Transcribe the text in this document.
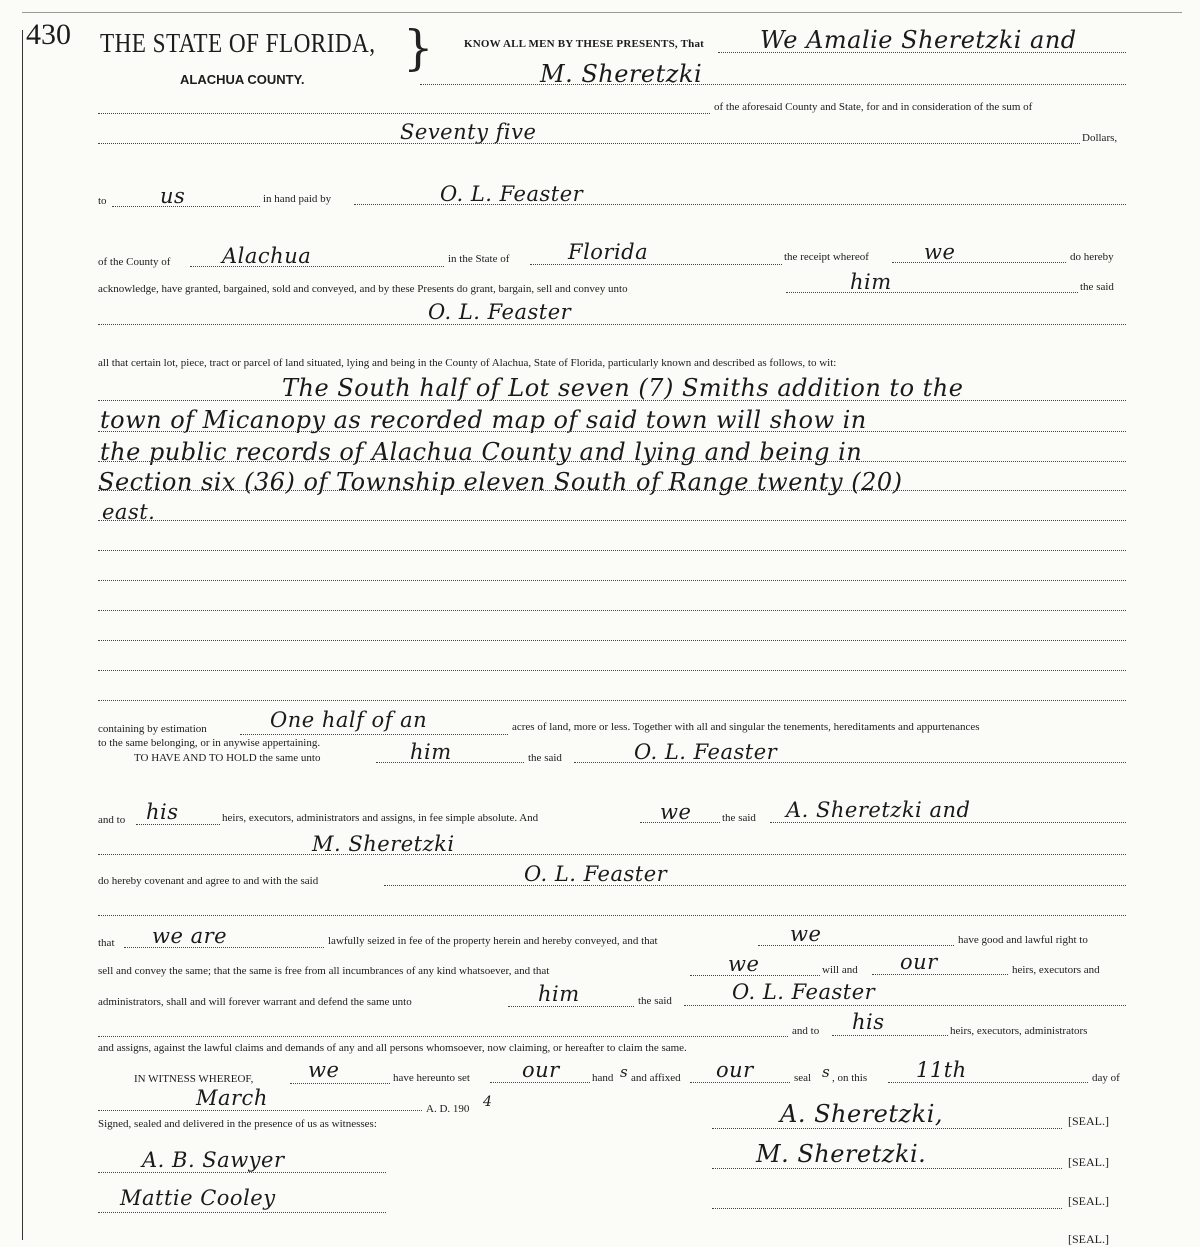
430 THE STATE OF FLORIDA, }
ALACHUA COUNTY.
KNOW ALL MEN BY THESE PRESENTS, That We Amalie Sheretzki and
M. Sheretzki
of the aforesaid County and State, for and in consideration of the sum of
Seventy five	Dollars,
to	us	in hand paid by	O. L. Feaster
of the County of Alachua	in the State of	Florida	the receipt whereof	we	do hereby
acknowledge, have granted, bargained, sold and conveyed, and by these Presents do grant, bargain, sell and convey unto	him	the said
O. L. Feaster
all that certain lot, piece, tract or parcel of land situated, lying and being in the County of Alachua, State of Florida, particularly known and described as follows, to wit:
The South half of Lot seven (7) Smiths addition to the
town of Micanopy as recorded map of said town will show in
the public records of Alachua County and lying and being in
Section six (36) of Township eleven South of Range twenty (20)
east.
containing by estimation	One half of an	acres of land, more or less. Together with all and singular the tenements, hereditaments and appurtenances
to the same belonging, or in anywise appertaining.
TO HAVE AND TO HOLD the same unto	him	the said	O. L. Feaster
and to his	heirs, executors, administrators and assigns, in fee simple absolute. And	we	the said A. Sheretzki and
M. Sheretzki
do hereby covenant and agree to and with the said	O. L. Feaster
that we are	lawfully seized in fee of the property herein and hereby conveyed, and that	we	have good and lawful right to
sell and convey the same; that the same is free from all incumbrances of any kind whatsoever, and that	we	will and our	heirs, executors and
administrators, shall and will forever warrant and defend the same unto	him	the said	O. L. Feaster
and to his	heirs, executors, administrators
and assigns, against the lawful claims and demands of any and all persons whomsoever, now claiming, or hereafter to claim the same.
IN WITNESS WHEREOF,	we	have hereunto set our	hand s and affixed our	seal s , on this 11th	day of
March	A. D. 190 4
Signed, sealed and delivered in the presence of us as witnesses:
A. B. Sawyer
Mattie Cooley
A. Sheretzki,	[SEAL.]
M. Sheretzki.	[SEAL.]
[SEAL.]
[SEAL.]
